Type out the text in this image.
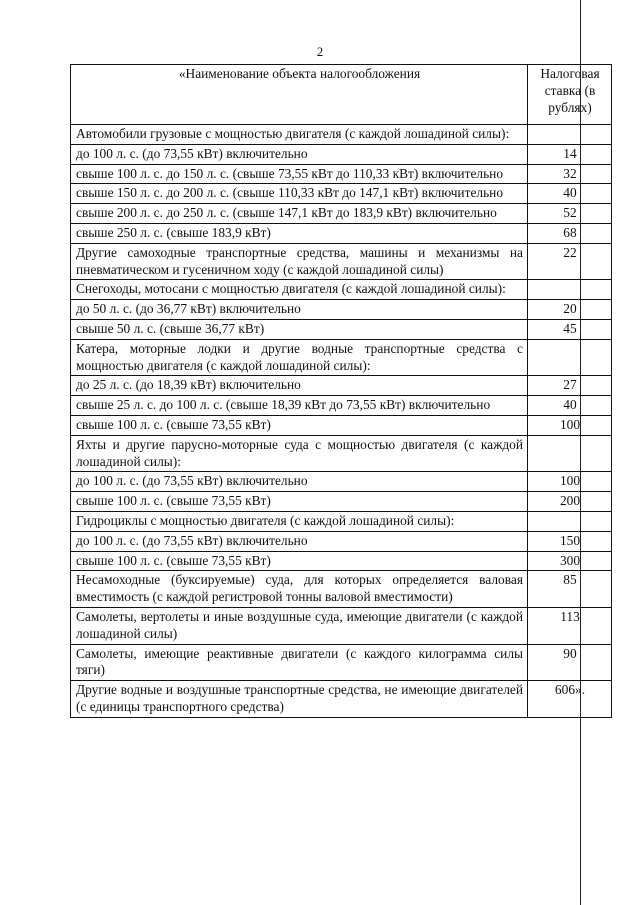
2
«Наименование объекта налогообложения	Налоговая ставка (в рублях)
Автомобили грузовые с мощностью двигателя (с каждой лошадиной силы):	
до 100 л. с. (до 73,55 кВт) включительно	14
свыше 100 л. с. до 150 л. с. (свыше 73,55 кВт до 110,33 кВт) включительно	32
свыше 150 л. с. до 200 л. с. (свыше 110,33 кВт до 147,1 кВт) включительно	40
свыше 200 л. с. до 250 л. с. (свыше 147,1 кВт до 183,9 кВт) включительно	52
свыше 250 л. с. (свыше 183,9 кВт)	68
Другие самоходные транспортные средства, машины и механизмы на пневматическом и гусеничном ходу (с каждой лошадиной силы)	22
Снегоходы, мотосани с мощностью двигателя (с каждой лошадиной силы):	
до 50 л. с. (до 36,77 кВт) включительно	20
свыше 50 л. с. (свыше 36,77 кВт)	45
Катера, моторные лодки и другие водные транспортные средства с мощностью двигателя (с каждой лошадиной силы):	
до 25 л. с. (до 18,39 кВт) включительно	27
свыше 25 л. с. до 100 л. с. (свыше 18,39 кВт до 73,55 кВт) включительно	40
свыше 100 л. с. (свыше 73,55 кВт)	100
Яхты и другие парусно-моторные суда с мощностью двигателя (с каждой лошадиной силы):	
до 100 л. с. (до 73,55 кВт) включительно	100
свыше 100 л. с. (свыше 73,55 кВт)	200
Гидроциклы с мощностью двигателя (с каждой лошадиной силы):	
до 100 л. с. (до 73,55 кВт) включительно	150
свыше 100 л. с. (свыше 73,55 кВт)	300
Несамоходные (буксируемые) суда, для которых определяется валовая вместимость (с каждой регистровой тонны валовой вместимости)	85
Самолеты, вертолеты и иные воздушные суда, имеющие двигатели (с каждой лошадиной силы)	113
Самолеты, имеющие реактивные двигатели (с каждого килограмма силы тяги)	90
Другие водные и воздушные транспортные средства, не имеющие двигателей (с единицы транспортного средства)	606».
